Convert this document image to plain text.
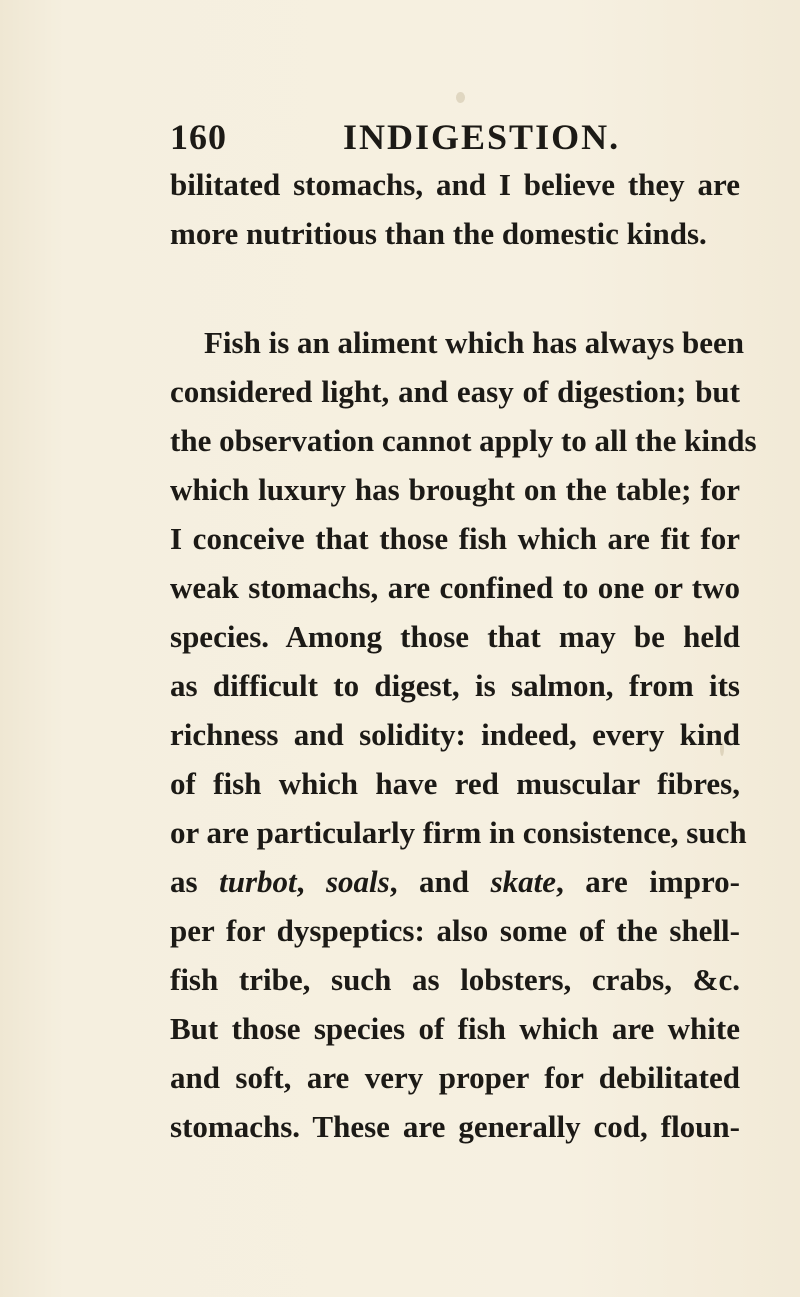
160	INDIGESTION.
bilitated stomachs, and I believe they are
more nutritious than the domestic kinds.
Fish is an aliment which has always been
considered light, and easy of digestion; but
the observation cannot apply to all the kinds
which luxury has brought on the table; for
I conceive that those fish which are fit for
weak stomachs, are confined to one or two
species. Among those that may be held
as difficult to digest, is salmon, from its
richness and solidity: indeed, every kind
of fish which have red muscular fibres,
or are particularly firm in consistence, such
as turbot, soals, and skate, are impro-
per for dyspeptics: also some of the shell-
fish tribe, such as lobsters, crabs, &c.
But those species of fish which are white
and soft, are very proper for debilitated
stomachs. These are generally cod, floun-
